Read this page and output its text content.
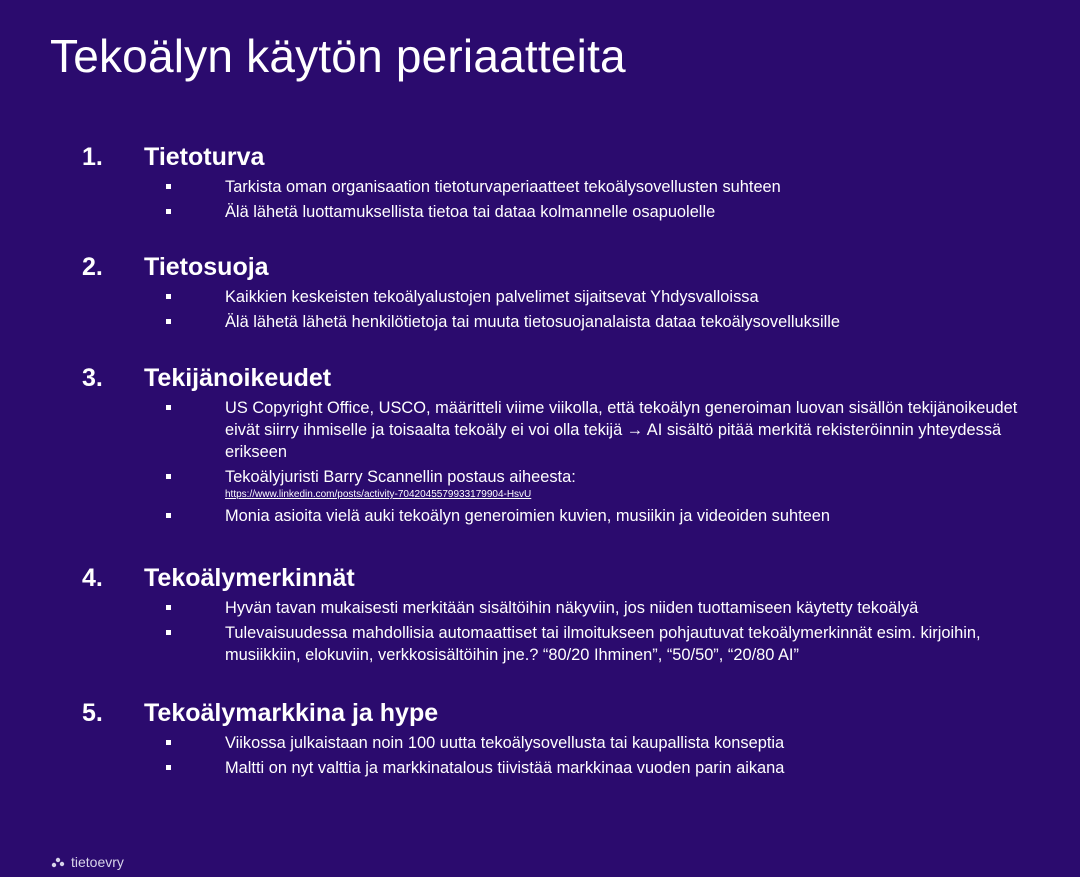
Tekoälyn käytön periaatteita
1. Tietoturva
Tarkista oman organisaation tietoturvaperiaatteet tekoälysovellusten suhteen
Älä lähetä luottamuksellista tietoa tai dataa kolmannelle osapuolelle
2. Tietosuoja
Kaikkien keskeisten tekoälyalustojen palvelimet sijaitsevat Yhdysvalloissa
Älä lähetä lähetä henkilötietoja tai muuta tietosuojanalaista dataa tekoälysovelluksille
3. Tekijänoikeudet
US Copyright Office, USCO, määritteli viime viikolla, että tekoälyn generoiman luovan sisällön tekijänoikeudet eivät siirry ihmiselle ja toisaalta tekoäly ei voi olla tekijä → AI sisältö pitää merkitä rekisteröinnin yhteydessä erikseen
Tekoälyjuristi Barry Scannellin postaus aiheesta:
https://www.linkedin.com/posts/activity-7042045579933179904-HsvU
Monia asioita vielä auki tekoälyn generoimien kuvien, musiikin ja videoiden suhteen
4. Tekoälymerkinnät
Hyvän tavan mukaisesti merkitään sisältöihin näkyviin, jos niiden tuottamiseen käytetty tekoälyä
Tulevaisuudessa mahdollisia automaattiset tai ilmoitukseen pohjautuvat tekoälymerkinnät esim. kirjoihin, musiikkiin, elokuviin, verkkosisältöihin jne.? “80/20 Ihminen”, “50/50”, “20/80 AI”
5. Tekoälymarkkina ja hype
Viikossa julkaistaan noin 100 uutta tekoälysovellusta tai kaupallista konseptia
Maltti on nyt valttia ja markkinatalous tiivistää markkinaa vuoden parin aikana
tietoevry
